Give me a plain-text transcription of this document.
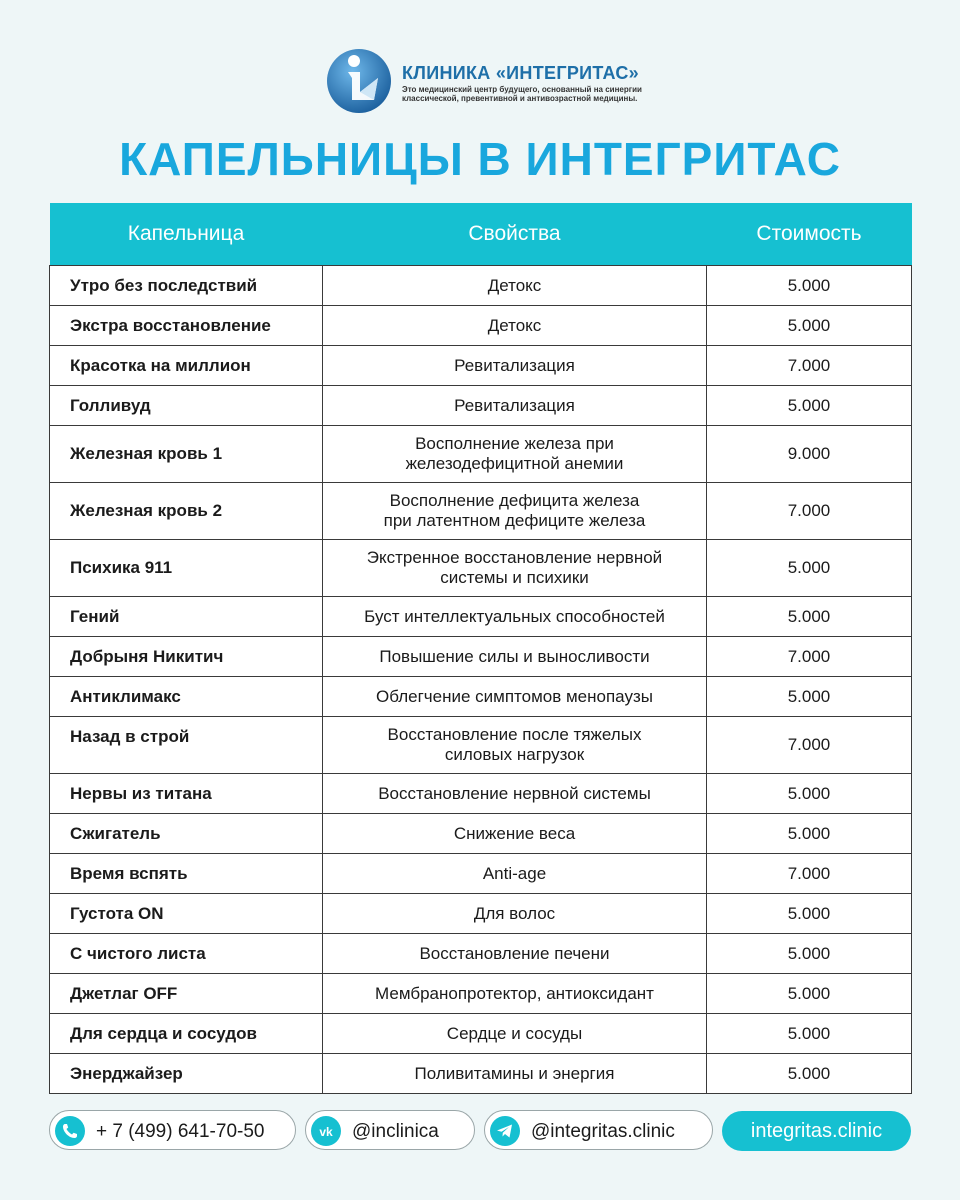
КЛИНИКА «ИНТЕГРИТАС»
Это медицинский центр будущего, основанный на синергии
классической, превентивной и антивозрастной медицины.
КАПЕЛЬНИЦЫ В ИНТЕГРИТАС
Капельница	Свойства	Стоимость
Утро без последствий	Детокс	5.000
Экстра восстановление	Детокс	5.000
Красотка на миллион	Ревитализация	7.000
Голливуд	Ревитализация	5.000
Железная кровь 1	Восполнение железа при
железодефицитной анемии	9.000
Железная кровь 2	Восполнение дефицита железа
при латентном дефиците железа	7.000
Психика 911	Экстренное восстановление нервной
системы и психики	5.000
Гений	Буст интеллектуальных способностей	5.000
Добрыня Никитич	Повышение силы и выносливости	7.000
Антиклимакс	Облегчение симптомов менопаузы	5.000
Назад в строй	Восстановление после тяжелых
силовых нагрузок	7.000
Нервы из титана	Восстановление нервной системы	5.000
Сжигатель	Снижение веса	5.000
Время вспять	Anti-age	7.000
Густота ON	Для волос	5.000
С чистого листа	Восстановление печени	5.000
Джетлаг OFF	Мембранопротектор, антиоксидант	5.000
Для сердца и сосудов	Сердце и сосуды	5.000
Энерджайзер	Поливитамины и энергия	5.000
+ 7 (499) 641-70-50	vk @inclinica	@integritas.clinic	integritas.clinic
